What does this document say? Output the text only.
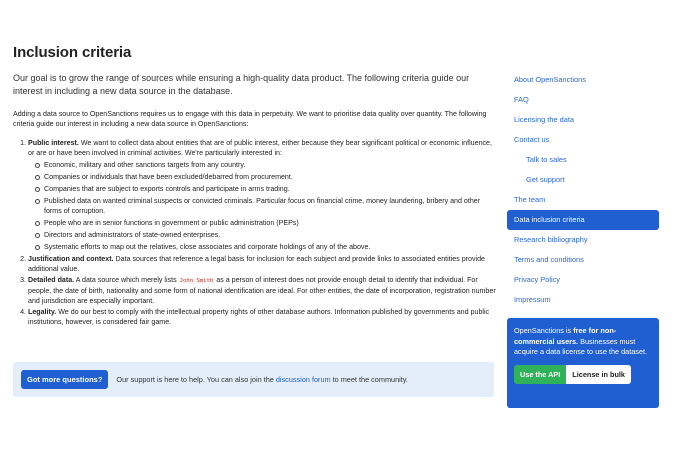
Inclusion criteria

Our goal is to grow the range of sources while ensuring a high-quality data product. The following criteria guide our interest in including a new data source in the database.

Adding a data source to OpenSanctions requires us to engage with this data in perpetuity. We want to prioritise data quality over quantity. The following criteria guide our interest in including a new data source in OpenSanctions:

1. Public interest. We want to collect data about entities that are of public interest, either because they bear significant political or economic influence, or are or have been involved in criminal activities. We're particularly interested in:
Economic, military and other sanctions targets from any country.
Companies or individuals that have been excluded/debarred from procurement.
Companies that are subject to exports controls and participate in arms trading.
Published data on wanted criminal suspects or convicted criminals. Particular focus on financial crime, money laundering, bribery and other forms of corruption.
People who are in senior functions in government or public administration (PEPs)
Directors and administrators of state-owned enterprises.
Systematic efforts to map out the relatives, close associates and corporate holdings of any of the above.
2. Justification and context. Data sources that reference a legal basis for inclusion for each subject and provide links to associated entities provide additional value.
3. Detailed data. A data source which merely lists John Smith as a person of interest does not provide enough detail to identify that individual. For people, the date of birth, nationality and some form of national identification are ideal. For other entities, the date of incorporation, registration number and jurisdiction are especially important.
4. Legality. We do our best to comply with the intellectual property rights of other database authors. Information published by governments and public institutions, however, is considered fair game.
Got more questions?	Our support is here to help. You can also join the discussion forum to meet the community.
About OpenSanctions
FAQ
Licensing the data
Contact us
Talk to sales
Get support
The team
Data inclusion criteria
Research bibliography
Terms and conditions
Privacy Policy
Impressum

OpenSanctions is free for non-commercial users. Businesses must acquire a data license to use the dataset.

Use the API	License in bulk
